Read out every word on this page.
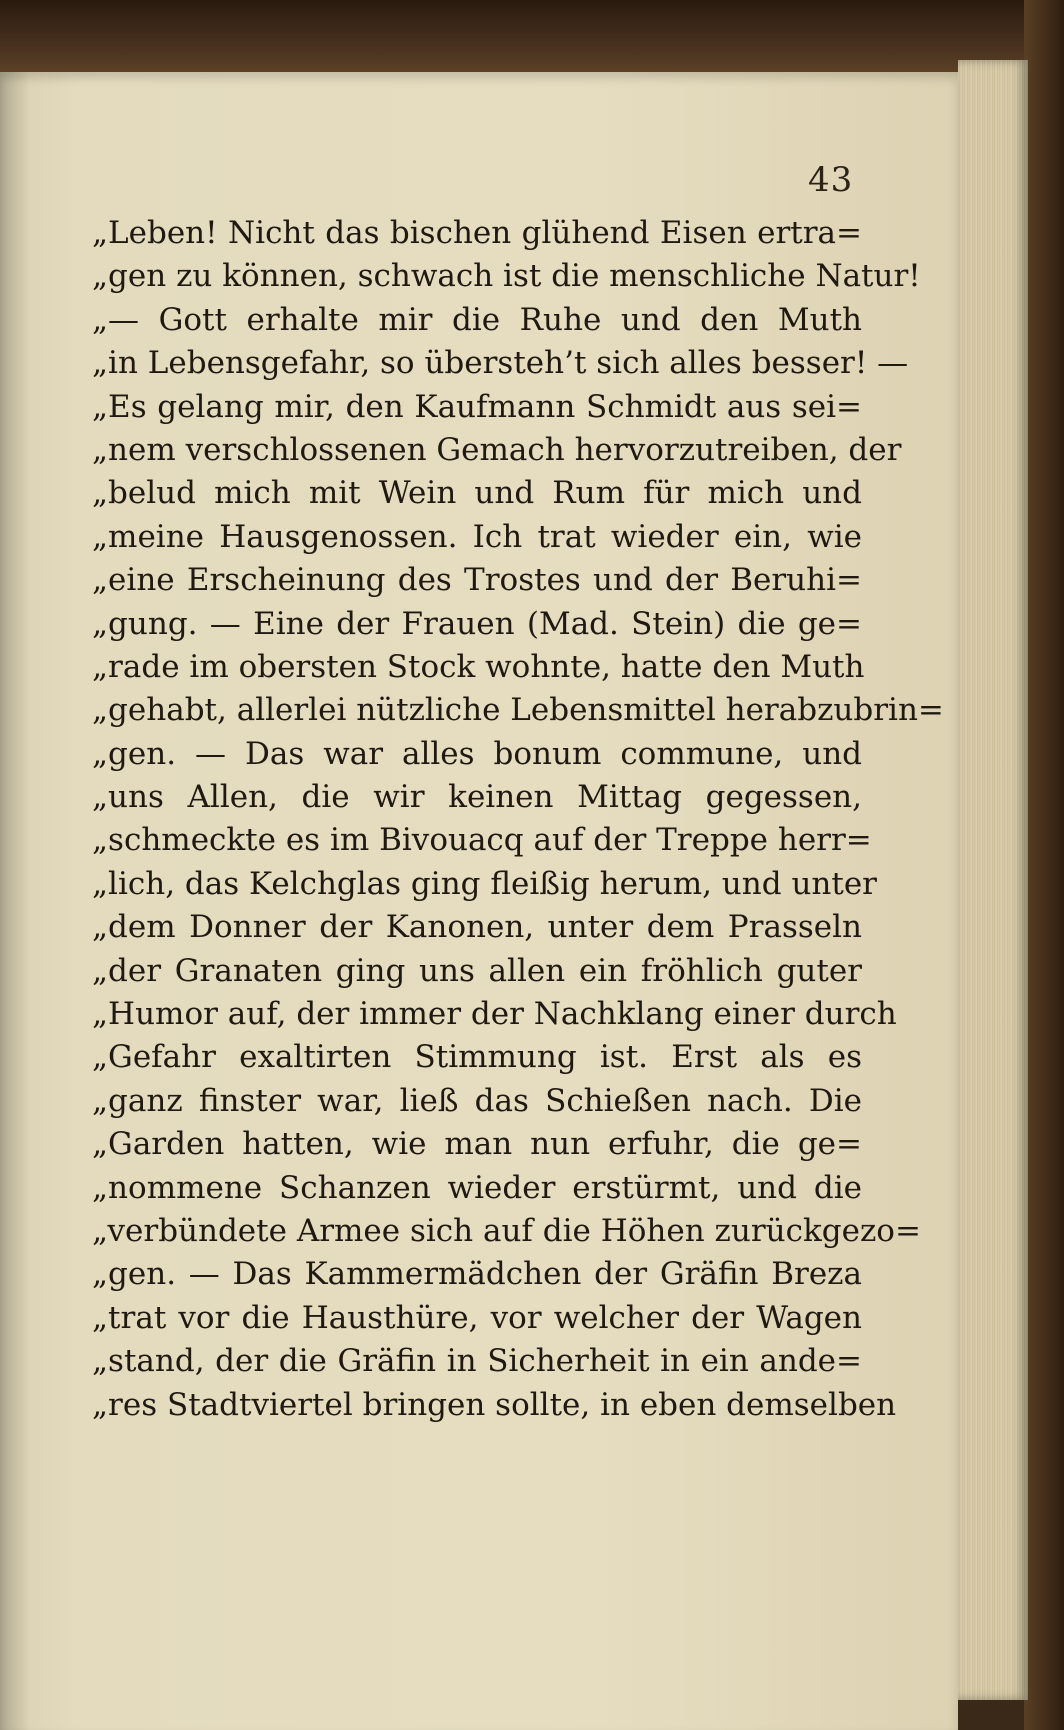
43
„Leben! Nicht das bischen glühend Eisen ertra=
„gen zu können, schwach ist die menschliche Natur!
„— Gott erhalte mir die Ruhe und den Muth
„in Lebensgefahr, so übersteh’t sich alles besser! —
„Es gelang mir, den Kaufmann Schmidt aus sei=
„nem verschlossenen Gemach hervorzutreiben, der
„belud mich mit Wein und Rum für mich und
„meine Hausgenossen. Ich trat wieder ein, wie
„eine Erscheinung des Trostes und der Beruhi=
„gung. — Eine der Frauen (Mad. Stein) die ge=
„rade im obersten Stock wohnte, hatte den Muth
„gehabt, allerlei nützliche Lebensmittel herabzubrin=
„gen. — Das war alles bonum commune, und
„uns Allen, die wir keinen Mittag gegessen,
„schmeckte es im Bivouacq auf der Treppe herr=
„lich, das Kelchglas ging fleißig herum, und unter
„dem Donner der Kanonen, unter dem Prasseln
„der Granaten ging uns allen ein fröhlich guter
„Humor auf, der immer der Nachklang einer durch
„Gefahr exaltirten Stimmung ist. Erst als es
„ganz finster war, ließ das Schießen nach. Die
„Garden hatten, wie man nun erfuhr, die ge=
„nommene Schanzen wieder erstürmt, und die
„verbündete Armee sich auf die Höhen zurückgezo=
„gen. — Das Kammermädchen der Gräfin Breza
„trat vor die Hausthüre, vor welcher der Wagen
„stand, der die Gräfin in Sicherheit in ein ande=
„res Stadtviertel bringen sollte, in eben demselben
